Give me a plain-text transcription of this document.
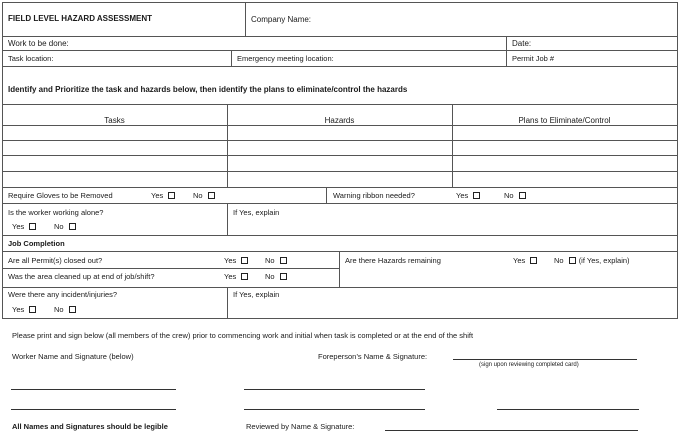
FIELD LEVEL HAZARD ASSESSMENT	Company Name:
Work to be done:	Date:
Task location:	Emergency meeting location:	Permit Job #
Identify and Prioritize the task and hazards below, then identify the plans to eliminate/control the hazards
Tasks	Hazards	Plans to Eliminate/Control
Require Gloves to be Removed	Yes	No	Warning ribbon needed?	Yes	No
Is the worker working alone?
Yes	No
If Yes, explain
Job Completion
Are all Permit(s) closed out?	Yes	No	Are there Hazards remaining	Yes	No (if Yes, explain)
Was the area cleaned up at end of job/shift?	Yes	No
Were there any incident/injuries?
Yes	No
If Yes, explain
Please print and sign below (all members of the crew) prior to commencing work and initial when task is completed or at the end of the shift
Worker Name and Signature (below)	Foreperson’s Name & Signature:
(sign upon reviewing completed card)
All Names and Signatures should be legible	Reviewed by Name & Signature:
